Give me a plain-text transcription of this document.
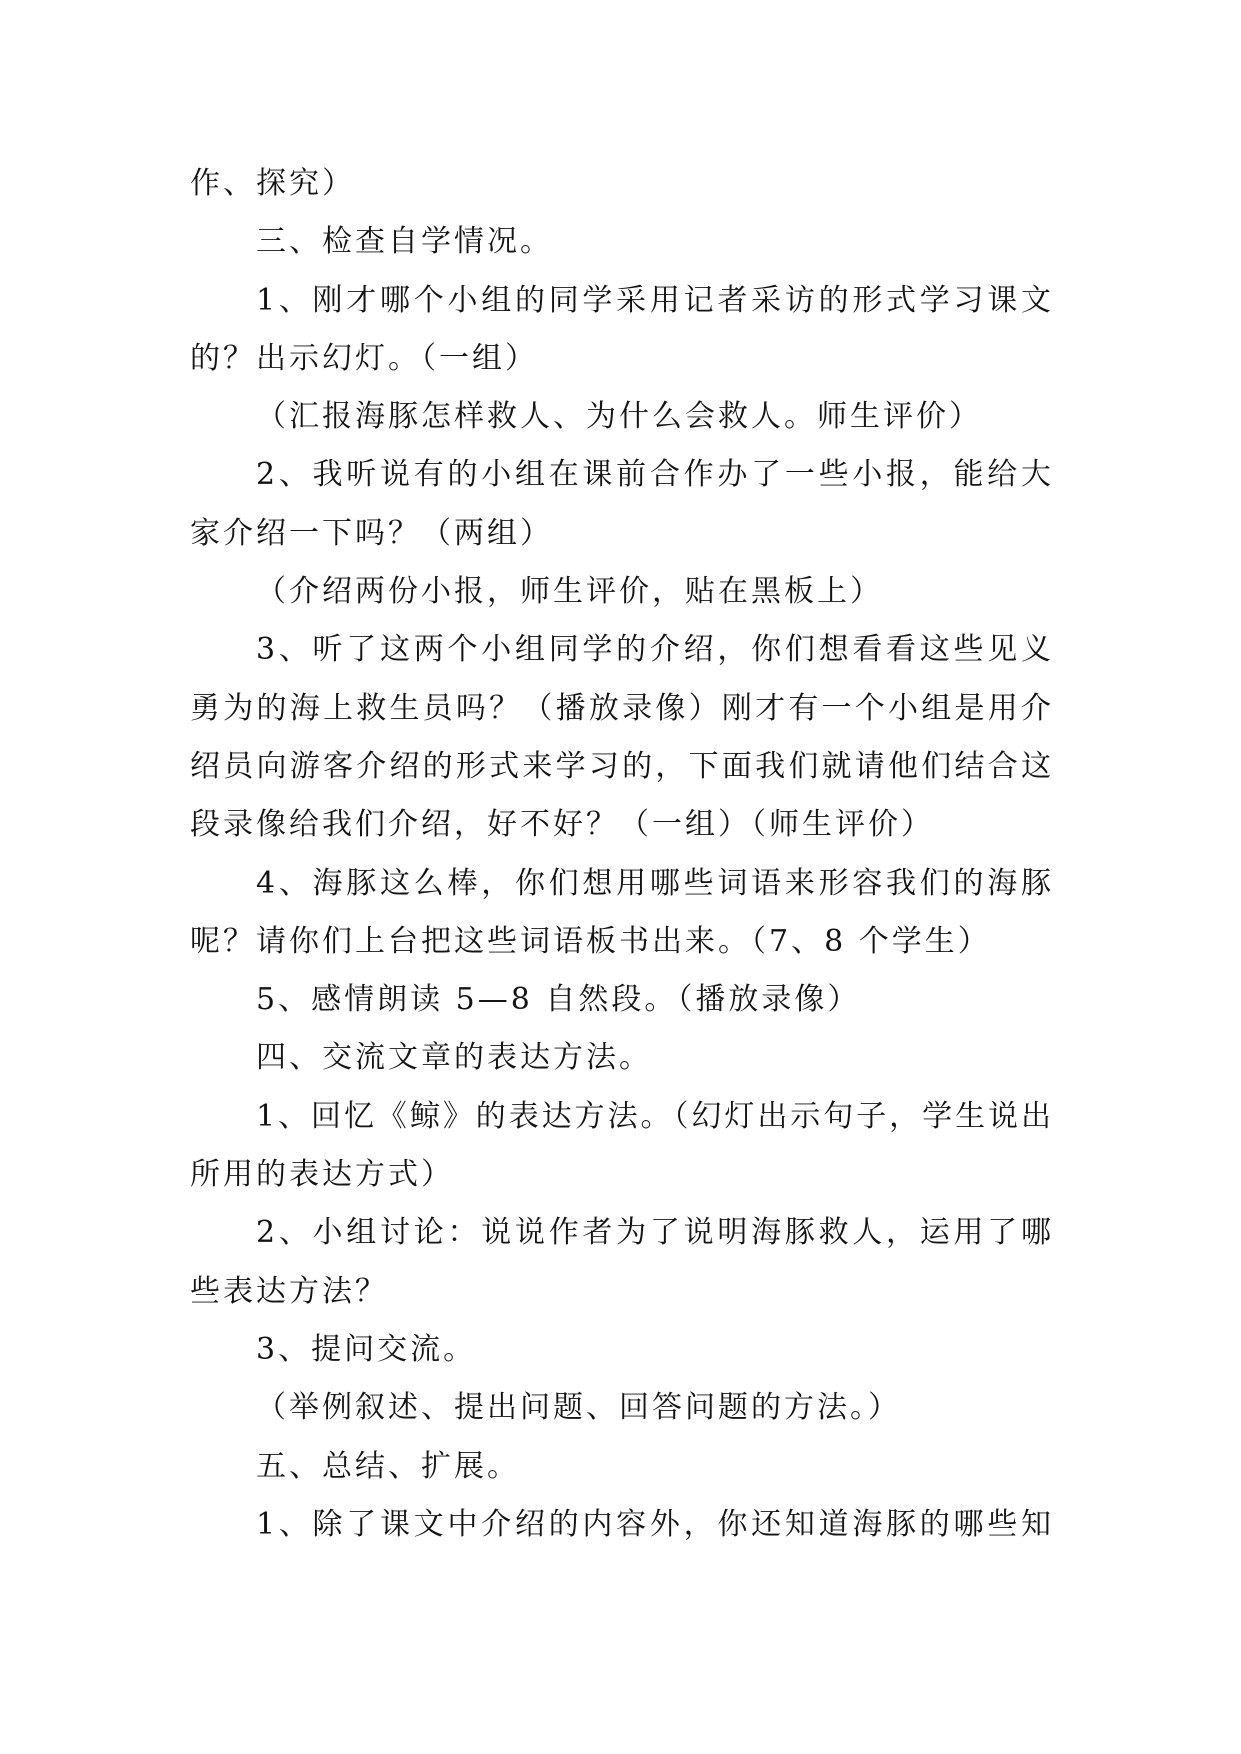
作、探究）
三、检查自学情况。
1、刚才哪个小组的同学采用记者采访的形式学习课文
的？出示幻灯。（一组）
（汇报海豚怎样救人、为什么会救人。师生评价）
2、我听说有的小组在课前合作办了一些小报，能给大
家介绍一下吗？（两组）
（介绍两份小报，师生评价，贴在黑板上）
3、听了这两个小组同学的介绍，你们想看看这些见义
勇为的海上救生员吗？（播放录像）刚才有一个小组是用介
绍员向游客介绍的形式来学习的，下面我们就请他们结合这
段录像给我们介绍，好不好？（一组）（师生评价）
4、海豚这么棒，你们想用哪些词语来形容我们的海豚
呢？请你们上台把这些词语板书出来。（7、8 个学生）
5、感情朗读 5—8 自然段。（播放录像）
四、交流文章的表达方法。
1、回忆《鲸》的表达方法。（幻灯出示句子，学生说出
所用的表达方式）
2、小组讨论：说说作者为了说明海豚救人，运用了哪
些表达方法？
3、提问交流。
（举例叙述、提出问题、回答问题的方法。）
五、总结、扩展。
1、除了课文中介绍的内容外，你还知道海豚的哪些知
